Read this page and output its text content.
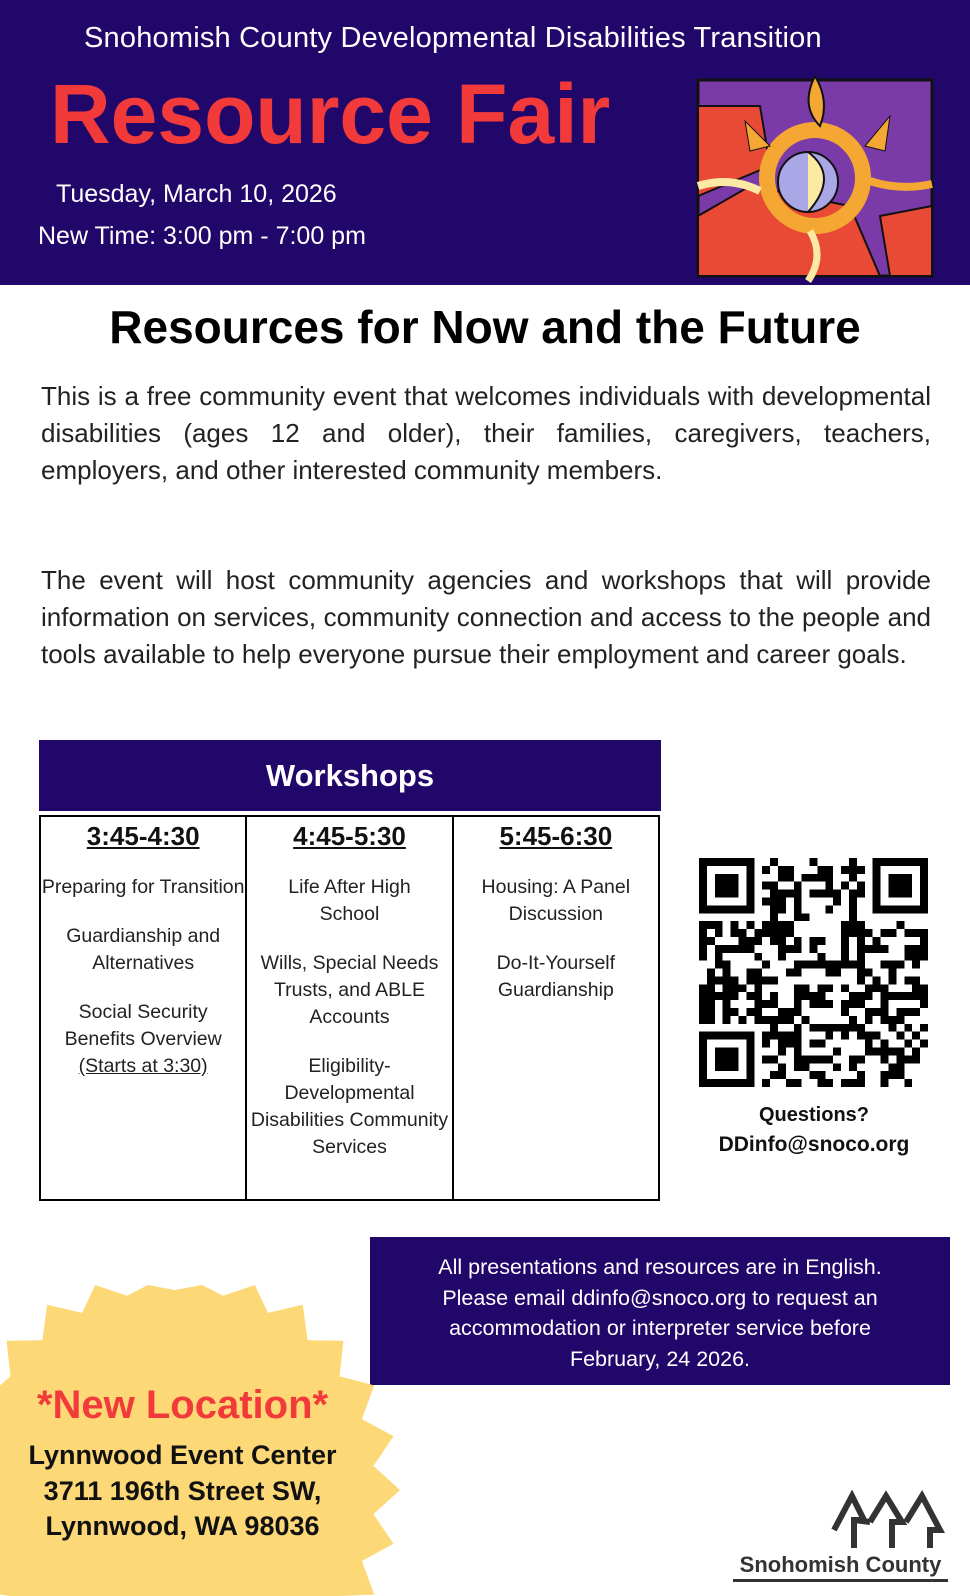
Snohomish County Developmental Disabilities Transition
Resource Fair
Tuesday, March 10, 2026
New Time: 3:00 pm - 7:00 pm
Resources for Now and the Future

This is a free community event that welcomes individuals with developmental disabilities (ages 12 and older), their families, caregivers, teachers, employers, and other interested community members.

The event will host community agencies and workshops that will provide information on services, community connection and access to the people and tools available to help everyone pursue their employment and career goals.

Workshops
3:45-4:30
Preparing for Transition
Guardianship and Alternatives
Social Security Benefits Overview
(Starts at 3:30)
4:45-5:30
Life After High School
Wills, Special Needs Trusts, and ABLE Accounts
Eligibility-Developmental Disabilities Community Services
5:45-6:30
Housing: A Panel Discussion
Do-It-Yourself Guardianship
Questions?
DDinfo@snoco.org
All presentations and resources are in English.
Please email ddinfo@snoco.org to request an
accommodation or interpreter service before
February, 24 2026.
*New Location*
Lynnwood Event Center
3711 196th Street SW,
Lynnwood, WA 98036
Snohomish County
